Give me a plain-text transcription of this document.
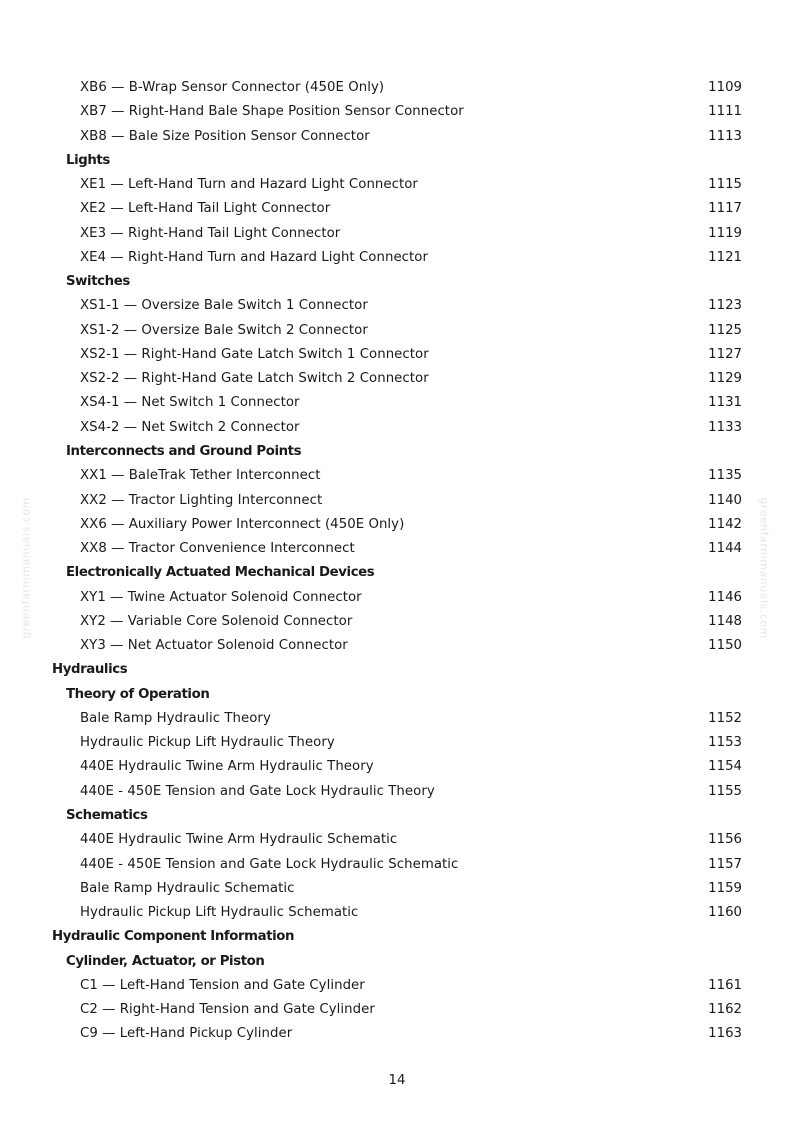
greenfarmmanuals.com	greenfarmmanuals.com
XB6 — B-Wrap Sensor Connector (450E Only)	1109
XB7 — Right-Hand Bale Shape Position Sensor Connector	1111
XB8 — Bale Size Position Sensor Connector	1113
Lights
XE1 — Left-Hand Turn and Hazard Light Connector	1115
XE2 — Left-Hand Tail Light Connector	1117
XE3 — Right-Hand Tail Light Connector	1119
XE4 — Right-Hand Turn and Hazard Light Connector	1121
Switches
XS1-1 — Oversize Bale Switch 1 Connector	1123
XS1-2 — Oversize Bale Switch 2 Connector	1125
XS2-1 — Right-Hand Gate Latch Switch 1 Connector	1127
XS2-2 — Right-Hand Gate Latch Switch 2 Connector	1129
XS4-1 — Net Switch 1 Connector	1131
XS4-2 — Net Switch 2 Connector	1133
Interconnects and Ground Points
XX1 — BaleTrak Tether Interconnect	1135
XX2 — Tractor Lighting Interconnect	1140
XX6 — Auxiliary Power Interconnect (450E Only)	1142
XX8 — Tractor Convenience Interconnect	1144
Electronically Actuated Mechanical Devices
XY1 — Twine Actuator Solenoid Connector	1146
XY2 — Variable Core Solenoid Connector	1148
XY3 — Net Actuator Solenoid Connector	1150
Hydraulics
Theory of Operation
Bale Ramp Hydraulic Theory	1152
Hydraulic Pickup Lift Hydraulic Theory	1153
440E Hydraulic Twine Arm Hydraulic Theory	1154
440E - 450E Tension and Gate Lock Hydraulic Theory	1155
Schematics
440E Hydraulic Twine Arm Hydraulic Schematic	1156
440E - 450E Tension and Gate Lock Hydraulic Schematic	1157
Bale Ramp Hydraulic Schematic	1159
Hydraulic Pickup Lift Hydraulic Schematic	1160
Hydraulic Component Information
Cylinder, Actuator, or Piston
C1 — Left-Hand Tension and Gate Cylinder	1161
C2 — Right-Hand Tension and Gate Cylinder	1162
C9 — Left-Hand Pickup Cylinder	1163
14
